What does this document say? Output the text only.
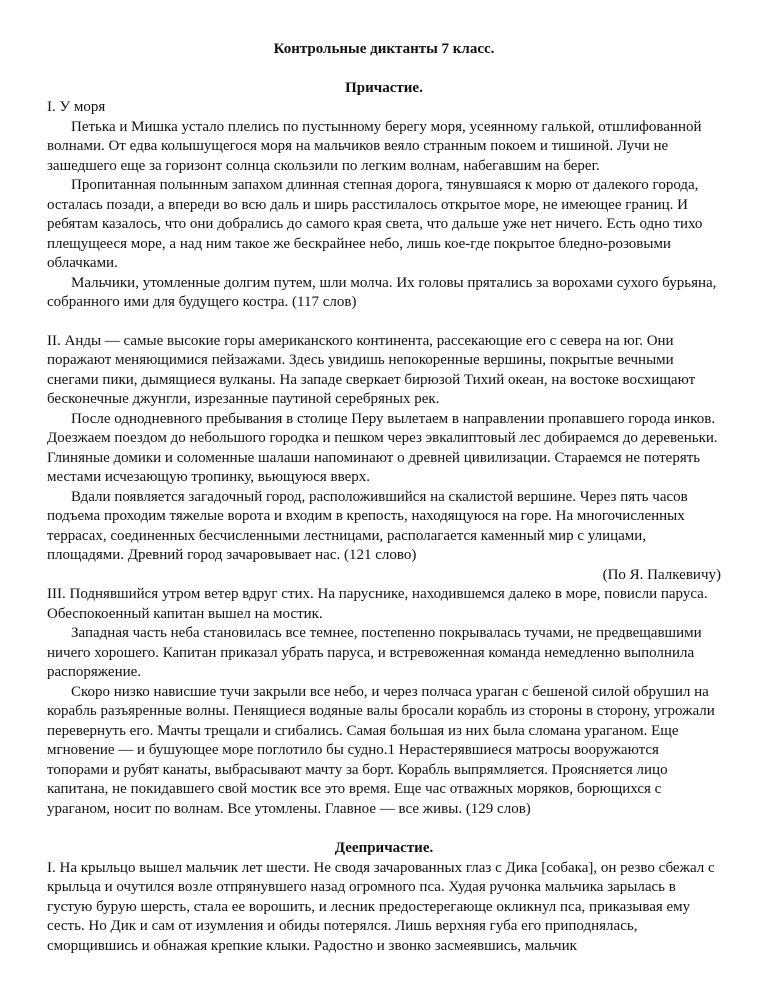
Контрольные диктанты 7 класс.

Причастие.

I. У моря

Петька и Мишка устало плелись по пустынному берегу моря, усеянному галькой, отшлифованной волнами. От едва колышущегося моря на мальчиков веяло странным покоем и тишиной. Лучи не зашедшего еще за горизонт солнца скользили по легким волнам, набегавшим на берег.

Пропитанная полынным запахом длинная степная дорога, тянувшаяся к морю от далекого города, осталась позади, а впереди во всю даль и ширь расстилалось открытое море, не имеющее границ. И ребятам казалось, что они добрались до самого края света, что дальше уже нет ничего. Есть одно тихо плещущееся море, а над ним такое же бескрайнее небо, лишь кое-где покрытое бледно-розовыми облачками.

Мальчики, утомленные долгим путем, шли молча. Их головы прятались за ворохами сухого бурьяна, собранного ими для будущего костра. (117 слов)

II. Анды — самые высокие горы американского континента, рассекающие его с севера на юг. Они поражают меняющимися пейзажами. Здесь увидишь непокоренные вершины, покрытые вечными снегами пики, дымящиеся вулканы. На западе сверкает бирюзой Тихий океан, на востоке восхищают бесконечные джунгли, изрезанные паутиной серебряных рек.

После однодневного пребывания в столице Перу вылетаем в направлении пропавшего города инков. Доезжаем поездом до небольшого городка и пешком через эвкалиптовый лес добираемся до деревеньки. Глиняные домики и соломенные шалаши напоминают о древней цивилизации. Стараемся не потерять местами исчезающую тропинку, вьющуюся вверх.

Вдали появляется загадочный город, расположившийся на скалистой вершине. Через пять часов подъема проходим тяжелые ворота и входим в крепость, находящуюся на горе. На многочисленных террасах, соединенных бесчисленными лестницами, располагается каменный мир с улицами, площадями. Древний город зачаровывает нас. (121 слово)

(По Я. Палкевичу)

III. Поднявшийся утром ветер вдруг стих. На паруснике, находившемся далеко в море, повисли паруса. Обеспокоенный капитан вышел на мостик.

Западная часть неба становилась все темнее, постепенно покрывалась тучами, не предвещавшими ничего хорошего. Капитан приказал убрать паруса, и встревоженная команда немедленно выполнила распоряжение.

Скоро низко нависшие тучи закрыли все небо, и через полчаса ураган с бешеной силой обрушил на корабль разъяренные волны. Пенящиеся водяные валы бросали корабль из стороны в сторону, угрожали перевернуть его. Мачты трещали и сгибались. Самая большая из них была сломана ураганом. Еще мгновение — и бушующее море поглотило бы судно.1 Нерастерявшиеся матросы вооружаются топорами и рубят канаты, выбрасывают мачту за борт. Корабль выпрямляется. Проясняется лицо капитана, не покидавшего свой мостик все это время. Еще час отважных моряков, борющихся с ураганом, носит по волнам. Все утомлены. Главное — все живы. (129 слов)

Деепричастие.

I. На крыльцо вышел мальчик лет шести. Не сводя зачарованных глаз с Дика [собака], он резво сбежал с крыльца и очутился возле отпрянувшего назад огромного пса. Худая ручонка мальчика зарылась в густую бурую шерсть, стала ее ворошить, и лесник предостерегающе окликнул пса, приказывая ему сесть. Но Дик и сам от изумления и обиды потерялся. Лишь верхняя губа его приподнялась, сморщившись и обнажая крепкие клыки. Радостно и звонко засмеявшись, мальчик
